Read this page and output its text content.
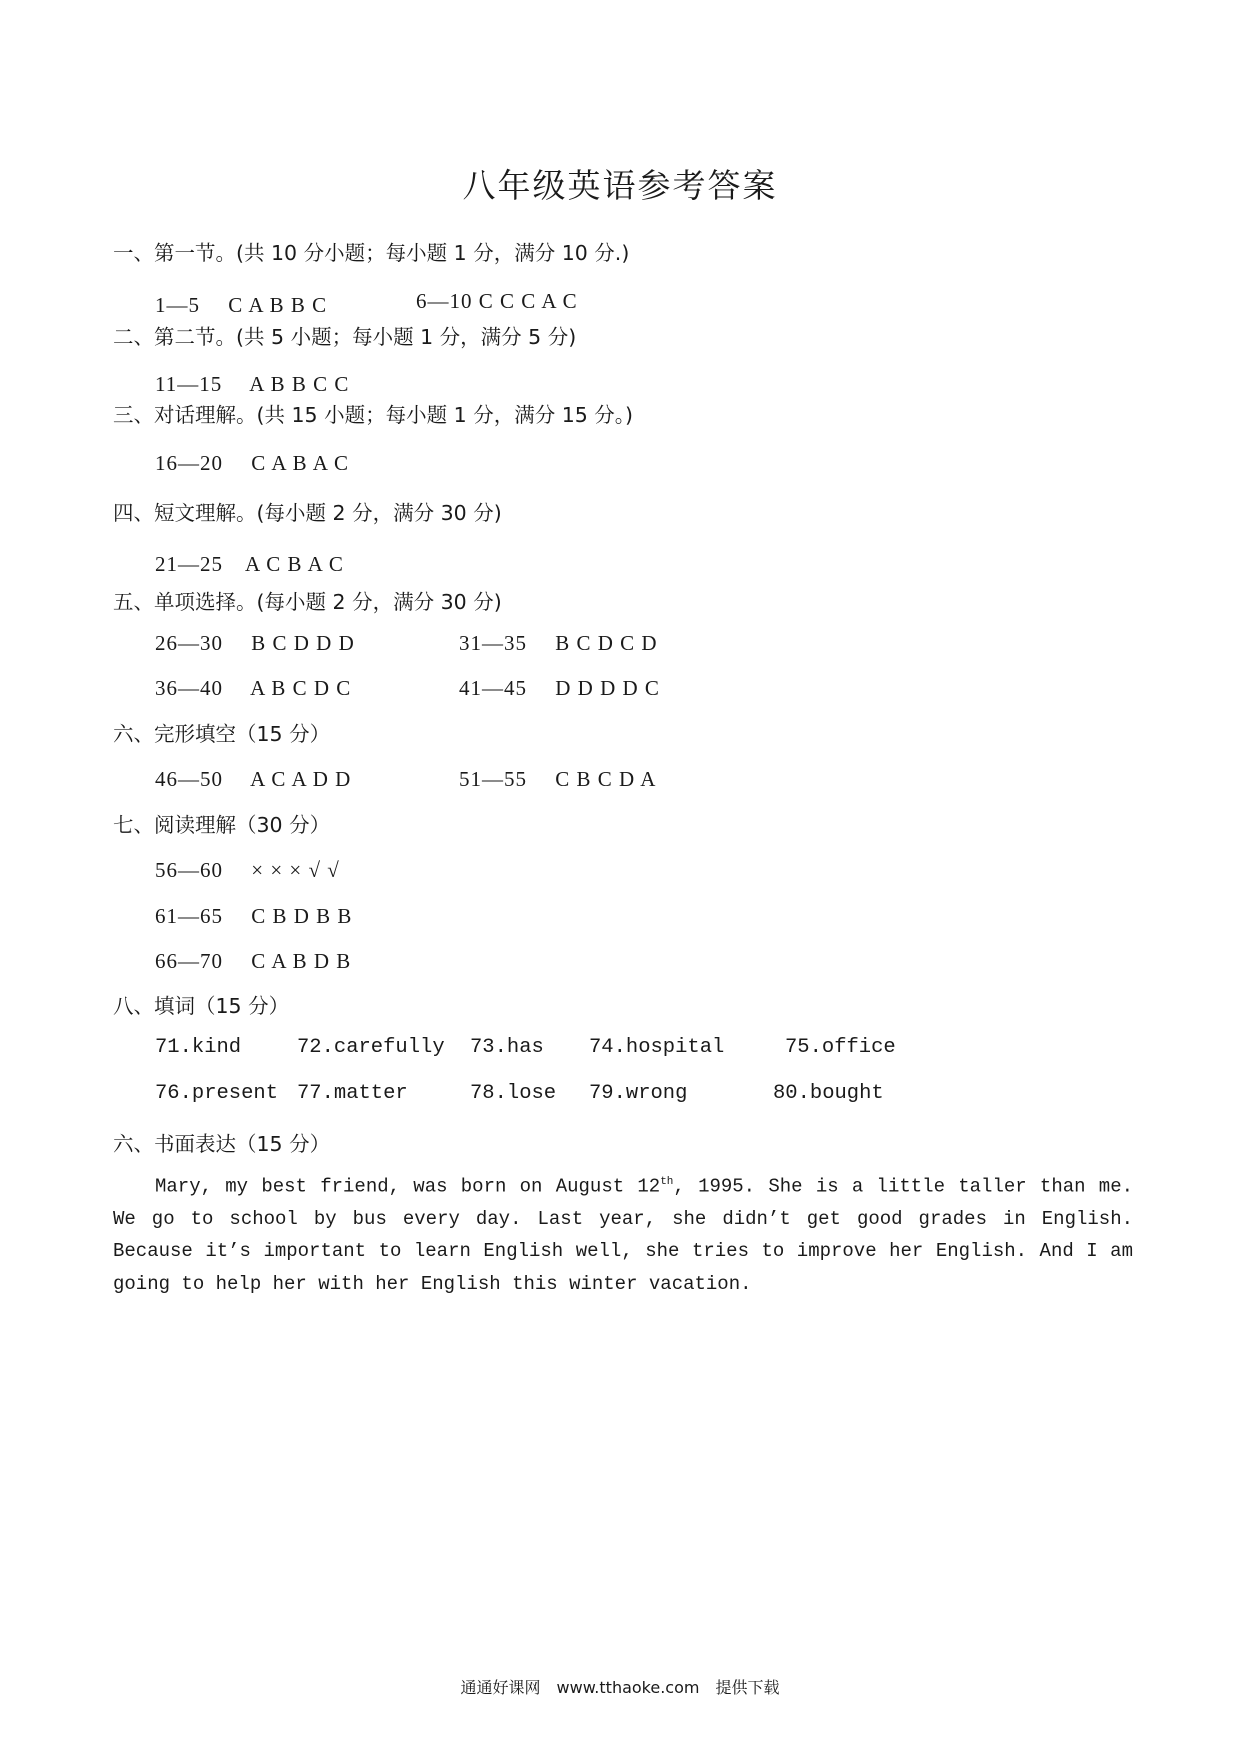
八年级英语参考答案
一、第一节。(共 10 分小题；每小题 1 分，满分 10 分.)
1—5　 C A B B C	6—10 C C C A C
二、第二节。(共 5 小题；每小题 1 分，满分 5 分)
11—15　 A B B C C
三、对话理解。(共 15 小题；每小题 1 分，满分 15 分。)
16—20　 C A B A C
四、短文理解。(每小题 2 分，满分 30 分)
21—25　A C B A C
五、单项选择。(每小题 2 分，满分 30 分)
26—30　 B C D D D	31—35　 B C D C D
36—40　 A B C D C	41—45　 D D D D C
六、完形填空（15 分）
46—50　 A C A D D	51—55　 C B C D A
七、阅读理解（30 分）
56—60　 × × × √ √
61—65　 C B D B B
66—70　 C A B D B
八、填词（15 分）
71.kind	72.carefully 73.has 74.hospital	75.office
76.present 77.matter	78.lose 79.wrong	80.bought
六、书面表达（15 分）

Mary, my best friend, was born on August 12th, 1995. She is a little taller than me. We go to school by bus every day. Last year, she didn’t get good grades in English. Because it’s important to learn English well, she tries to improve her English. And I am going to help her with her English this winter vacation.

通通好课网　www.tthaoke.com　提供下载
